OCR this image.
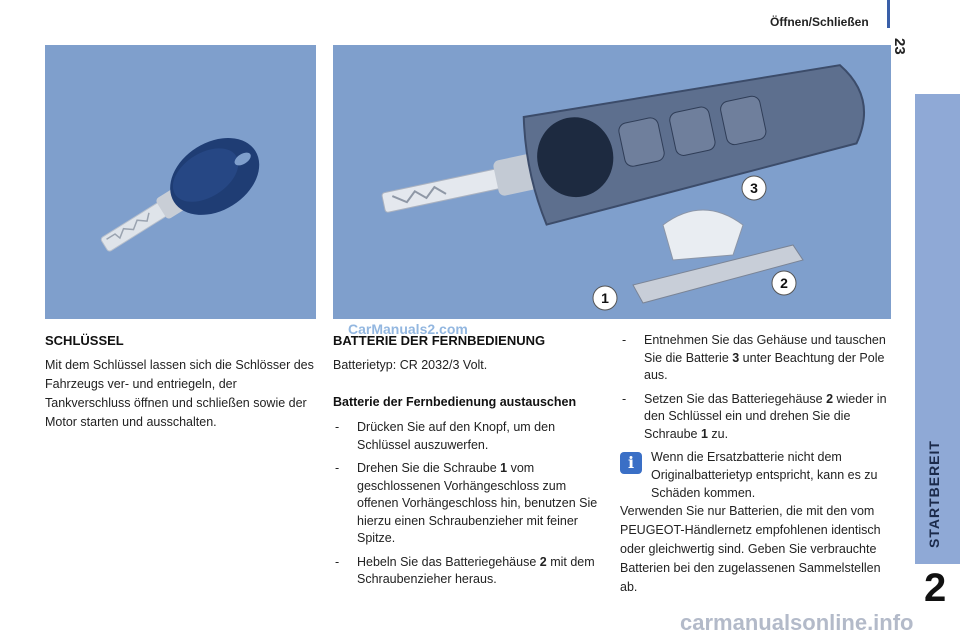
Öffnen/Schließen
23
STARTBEREIT
2
1
2
3
SCHLÜSSEL
Mit dem Schlüssel lassen sich die Schlösser des Fahrzeugs ver- und entriegeln, der Tankverschluss öffnen und schließen sowie der Motor starten und ausschalten.
BATTERIE DER FERNBEDIENUNG
Batterietyp: CR 2032/3 Volt.
Batterie der Fernbedienung austauschen
- Drücken Sie auf den Knopf, um den Schlüssel auszuwerfen.
- Drehen Sie die Schraube 1 vom geschlossenen Vorhängeschloss zum offenen Vorhängeschloss hin, benutzen Sie hierzu einen Schraubenzieher mit feiner Spitze.
- Hebeln Sie das Batteriegehäuse 2 mit dem Schraubenzieher heraus.
- Entnehmen Sie das Gehäuse und tauschen Sie die Batterie 3 unter Beachtung der Pole aus.
- Setzen Sie das Batteriegehäuse 2 wieder in den Schlüssel ein und drehen Sie die Schraube 1 zu.
i	Wenn die Ersatzbatterie nicht dem Originalbatterietyp entspricht, kann es zu Schäden kommen.
Verwenden Sie nur Batterien, die mit den vom PEUGEOT-Händlernetz empfohlenen identisch oder gleichwertig sind. Geben Sie verbrauchte Batterien bei den zugelassenen Sammelstellen ab.
CarManuals2.com
carmanualsonline.info
